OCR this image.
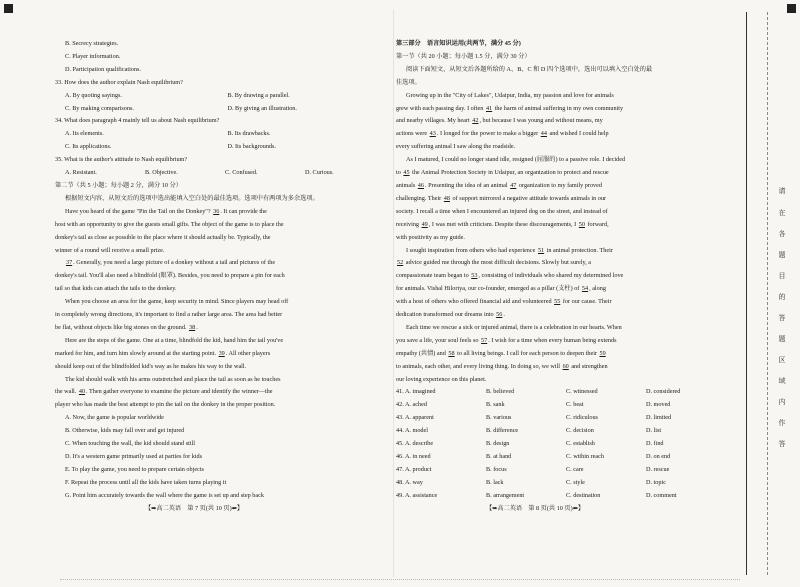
请
在
各
题
目
的
答
题
区
域
内
作
答
B. Secrecy strategies.
C. Player information.
D. Participation qualifications.
33. How does the author explain Nash equilibrium?
A. By quoting sayings.	B. By drawing a parallel.
C. By making comparisons.	D. By giving an illustration.
34. What does paragraph 4 mainly tell us about Nash equilibrium?
A. Its elements.	B. Its drawbacks.
C. Its applications.	D. Its backgrounds.
35. What is the author's attitude to Nash equilibrium?
A. Resistant.	B. Objective.	C. Confused.	D. Curious.
第二节（共 5 小题；每小题 2 分，满分 10 分）
根据短文内容，从短文后的选项中选出能填入空白处的最佳选项。选项中有两项为多余选项。
Have you heard of the game "Pin the Tail on the Donkey"? 36. It can provide the
host with an opportunity to give the guests small gifts. The object of the game is to place the
donkey's tail as close as possible to the place where it should actually be. Typically, the
winner of a round will receive a small prize.
37. Generally, you need a large picture of a donkey without a tail and pictures of the
donkey's tail. You'll also need a blindfold (眼罩). Besides, you need to prepare a pin for each
tail so that kids can attach the tails to the donkey.
When you choose an area for the game, keep security in mind. Since players may head off
in completely wrong directions, it's important to find a rather large area. The area had better
be flat, without objects like big stones on the ground. 38.
Here are the steps of the game. One at a time, blindfold the kid, hand him the tail you've
marked for him, and turn him slowly around at the starting point. 39. All other players
should keep out of the blindfolded kid's way as he makes his way to the wall.
The kid should walk with his arms outstretched and place the tail as soon as he touches
the wall. 40. Then gather everyone to examine the picture and identify the winner—the
player who has made the best attempt to pin the tail on the donkey in the proper position.
A. Now, the game is popular worldwide
B. Otherwise, kids may fall over and get injured
C. When touching the wall, the kid should stand still
D. It's a western game primarily used at parties for kids
E. To play the game, you need to prepare certain objects
F. Repeat the process until all the kids have taken turns playing it
G. Point him accurately towards the wall where the game is set up and step back
【➡高二英语　第 7 页(共 10 页)⬅】
第三部分　语言知识运用(共两节，满分 45 分)
第一节（共 20 小题；每小题 1.5 分，满分 30 分）
阅读下面短文，从短文后各题所给的 A、B、C 和 D 四个选项中，选出可以填入空白处的最
佳选项。
Growing up in the "City of Lakes", Udaipur, India, my passion and love for animals
grew with each passing day. I often 41 the harm of animal suffering in my own community
and nearby villages. My heart 42, but because I was young and without means, my
actions were 43. I longed for the power to make a bigger 44 and wished I could help
every suffering animal I saw along the roadside.
As I matured, I could no longer stand idle, resigned (屈服的) to a passive role. I decided
to 45 the Animal Protection Society in Udaipur, an organization to protect and rescue
animals 46. Presenting the idea of an animal 47 organization to my family proved
challenging. Their 48 of support mirrored a negative attitude towards animals in our
society. I recall a time when I encountered an injured dog on the street, and instead of
receiving 49, I was met with criticism. Despite these discouragements, I 50 forward,
with positivity as my guide.
I sought inspiration from others who had experience 51 in animal protection. Their
52 advice guided me through the most difficult decisions. Slowly but surely, a
compassionate team began to 53, consisting of individuals who shared my determined love
for animals. Vishal Hiloriya, our co-founder, emerged as a pillar (支柱) of 54, along
with a host of others who offered financial aid and volunteered 55 for our cause. Their
dedication transformed our dreams into 56.
Each time we rescue a sick or injured animal, there is a celebration in our hearts. When
you save a life, your soul feels so 57. I wish for a time when every human being extends
empathy (共情) and 58 to all living beings. I call for each person to deepen their 59
to animals, each other, and every living thing. In doing so, we will 60 and strengthen
our loving experience on this planet.
41. A. imagined	B. believed	C. witnessed	D. considered
42. A. ached	B. sank	C. beat	D. moved
43. A. apparent	B. various	C. ridiculous	D. limited
44. A. model	B. difference	C. decision	D. list
45. A. describe	B. design	C. establish	D. find
46. A. in need	B. at hand	C. within reach	D. on end
47. A. product	B. focus	C. care	D. rescue
48. A. way	B. lack	C. style	D. topic
49. A. assistance	B. arrangement	C. destination	D. comment
【➡高二英语　第 8 页(共 10 页)⬅】
